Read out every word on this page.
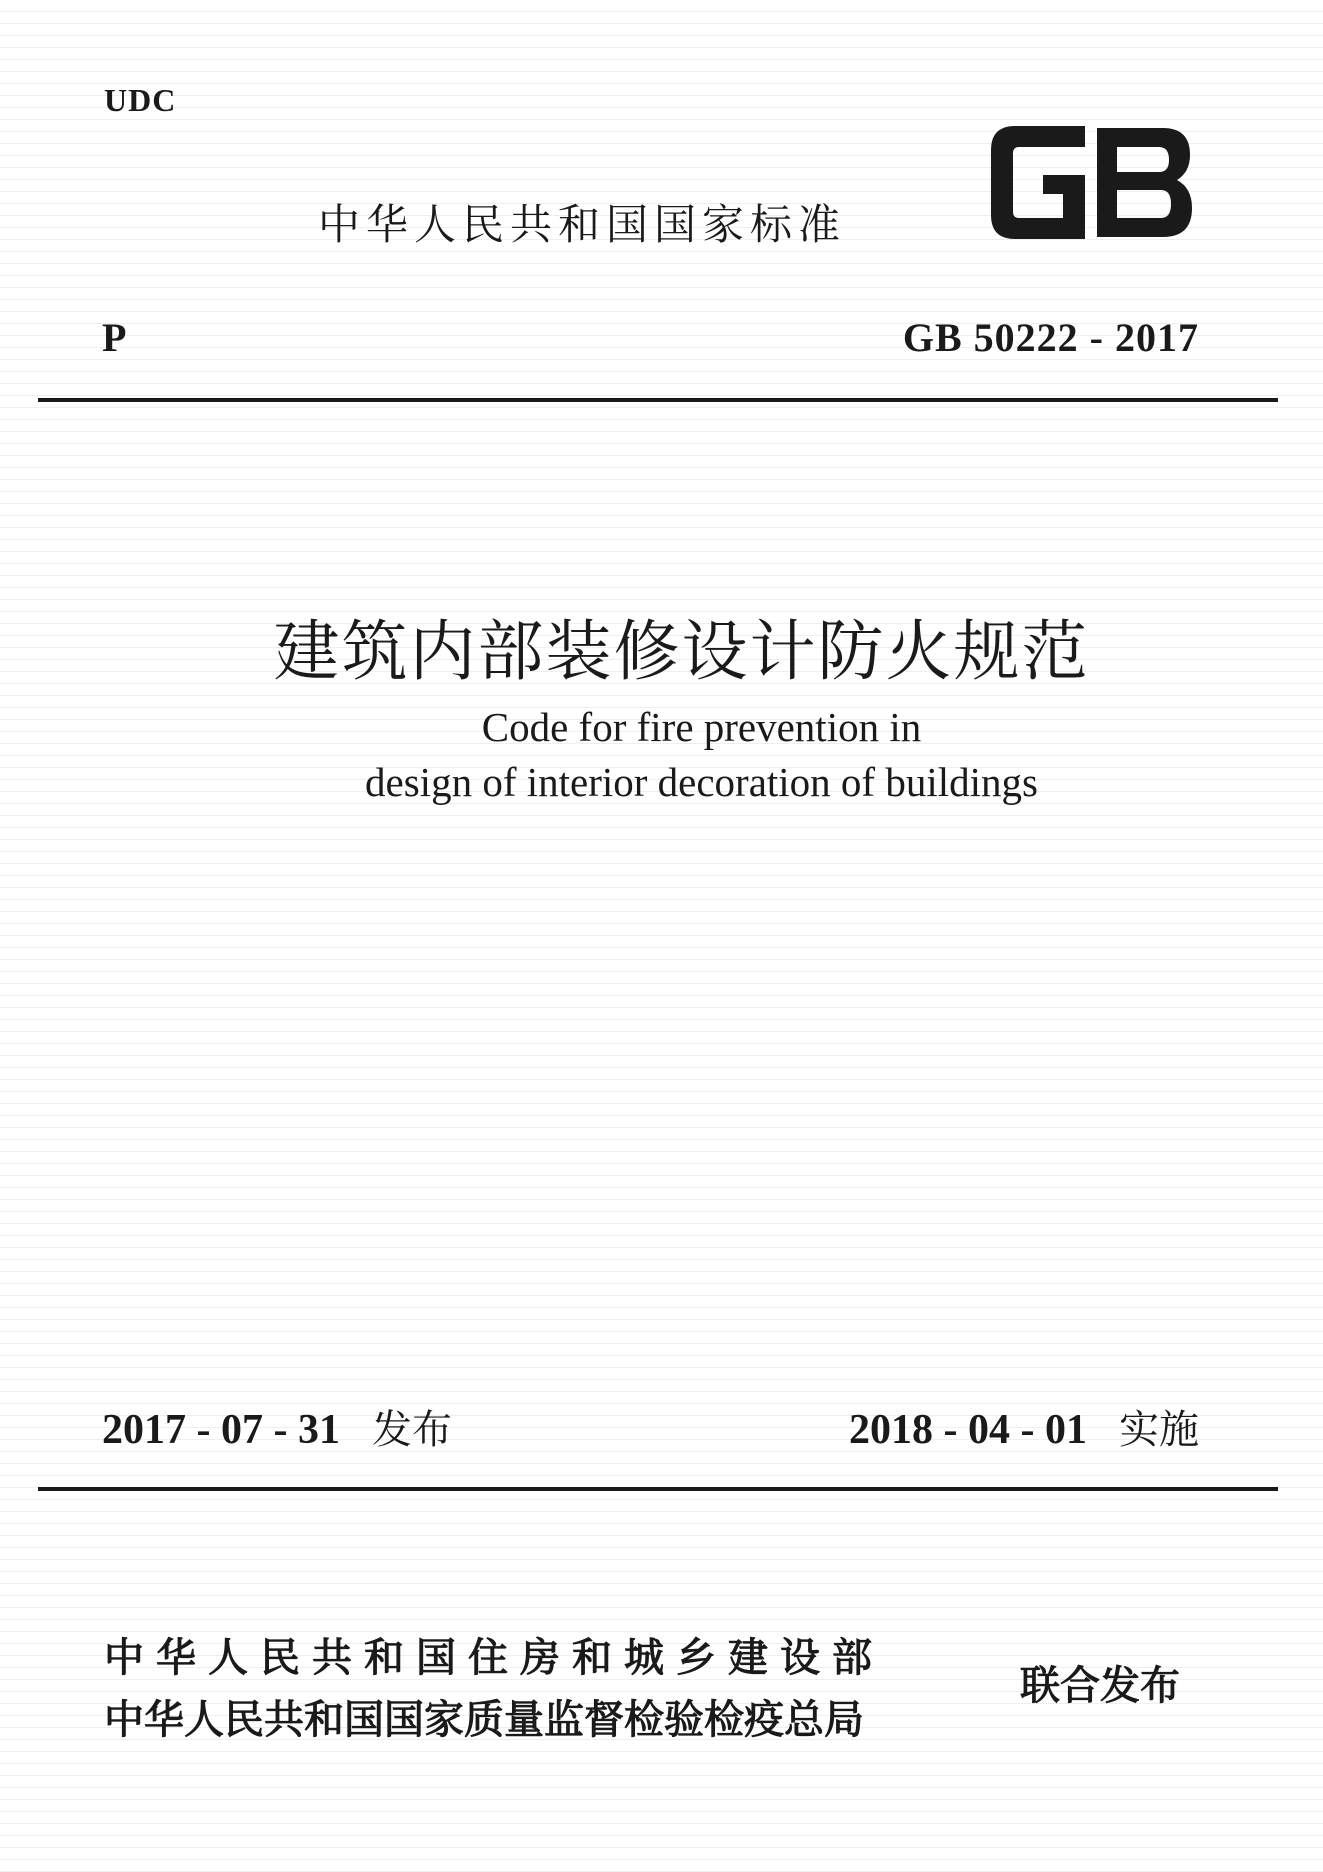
UDC
中华人民共和国国家标准
P	GB 50222 - 2017
建筑内部装修设计防火规范
Code for fire prevention in
design of interior decoration of buildings
2017 - 07 - 31 发布	2018 - 04 - 01 实施
中华人民共和国住房和城乡建设部
中华人民共和国国家质量监督检验检疫总局
联合发布
